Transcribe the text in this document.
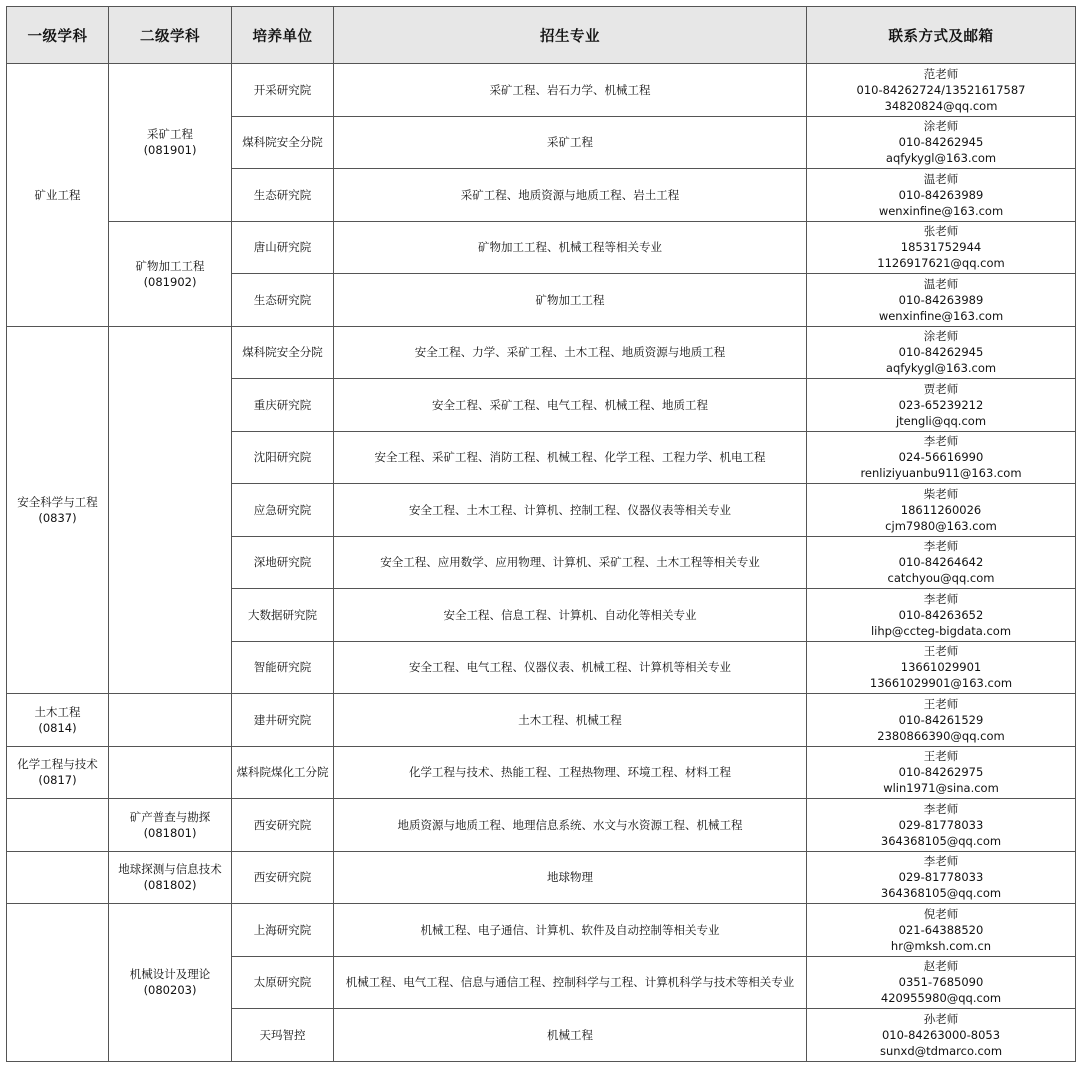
一级学科	二级学科	培养单位	招生专业	联系方式及邮箱

矿业工程	采矿工程
(081901)	开采研究院	采矿工程、岩石力学、机械工程	范老师
010-84262724/13521617587
34820824@qq.com

		煤科院安全分院	采矿工程	涂老师
010-84262945
aqfykygl@163.com

		生态研究院	采矿工程、地质资源与地质工程、岩土工程	温老师
010-84263989
wenxinfine@163.com

	矿物加工工程
(081902)	唐山研究院	矿物加工工程、机械工程等相关专业	张老师
18531752944
1126917621@qq.com

		生态研究院	矿物加工工程	温老师
010-84263989
wenxinfine@163.com

安全科学与工程
(0837)		煤科院安全分院	安全工程、力学、采矿工程、土木工程、地质资源与地质工程	涂老师
010-84262945
aqfykygl@163.com

		重庆研究院	安全工程、采矿工程、电气工程、机械工程、地质工程	贾老师
023-65239212
jtengli@qq.com

		沈阳研究院	安全工程、采矿工程、消防工程、机械工程、化学工程、工程力学、机电工程	李老师
024-56616990
renliziyuanbu911@163.com

		应急研究院	安全工程、土木工程、计算机、控制工程、仪器仪表等相关专业	柴老师
18611260026
cjm7980@163.com

		深地研究院	安全工程、应用数学、应用物理、计算机、采矿工程、土木工程等相关专业	李老师
010-84264642
catchyou@qq.com

		大数据研究院	安全工程、信息工程、计算机、自动化等相关专业	李老师
010-84263652
lihp@ccteg-bigdata.com

		智能研究院	安全工程、电气工程、仪器仪表、机械工程、计算机等相关专业	王老师
13661029901
13661029901@163.com

土木工程
(0814)		建井研究院	土木工程、机械工程	王老师
010-84261529
2380866390@qq.com

化学工程与技术
(0817)		煤科院煤化工分院	化学工程与技术、热能工程、工程热物理、环境工程、材料工程	王老师
010-84262975
wlin1971@sina.com

	矿产普查与勘探
(081801)	西安研究院	地质资源与地质工程、地理信息系统、水文与水资源工程、机械工程	李老师
029-81778033
364368105@qq.com

	地球探测与信息技术
(081802)	西安研究院	地球物理	李老师
029-81778033
364368105@qq.com

	机械设计及理论
(080203)	上海研究院	机械工程、电子通信、计算机、软件及自动控制等相关专业	倪老师
021-64388520
hr@mksh.com.cn

		太原研究院	机械工程、电气工程、信息与通信工程、控制科学与工程、计算机科学与技术等相关专业	赵老师
0351-7685090
420955980@qq.com

		天玛智控	机械工程	孙老师
010-84263000-8053
sunxd@tdmarco.com
